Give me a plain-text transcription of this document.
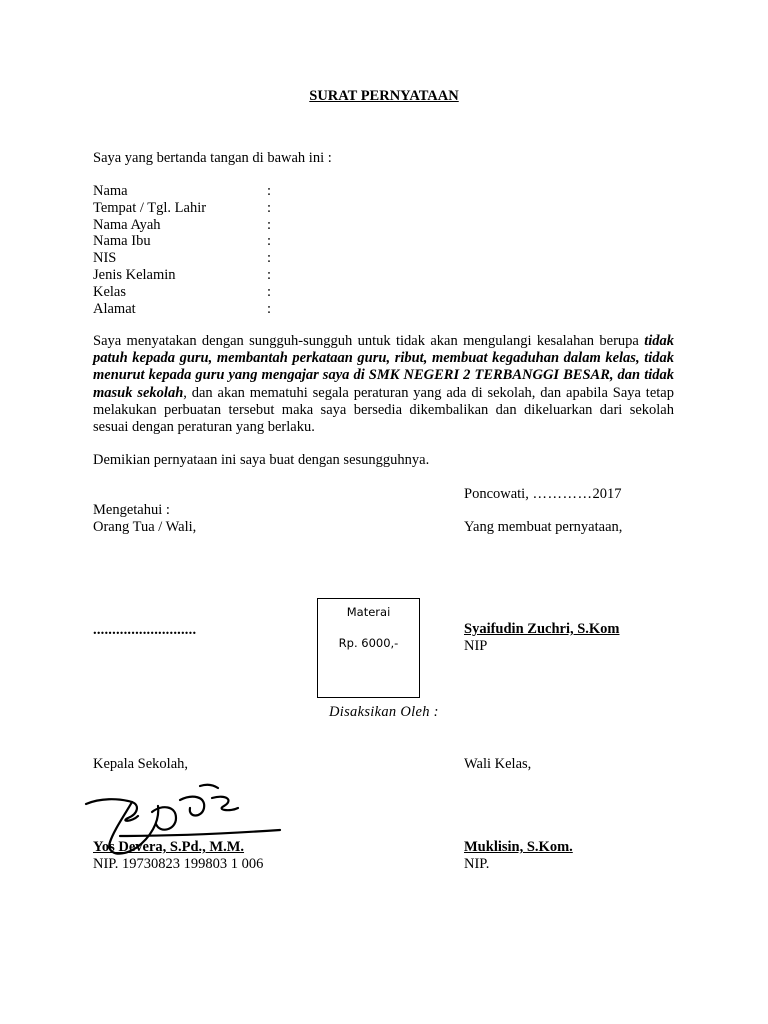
SURAT PERNYATAAN
Saya yang bertanda tangan di bawah ini :
Nama	:
Tempat / Tgl. Lahir	:
Nama Ayah	:
Nama Ibu	:
NIS	:
Jenis Kelamin	:
Kelas	:
Alamat	:
Saya menyatakan dengan sungguh-sungguh untuk tidak akan mengulangi kesalahan berupa tidak patuh kepada guru, membantah perkataan guru, ribut, membuat kegaduhan dalam kelas, tidak menurut kepada guru yang mengajar saya di SMK NEGERI 2 TERBANGGI BESAR, dan tidak masuk sekolah, dan akan mematuhi segala peraturan yang ada di sekolah, dan apabila Saya tetap melakukan perbuatan tersebut maka saya bersedia dikembalikan dan dikeluarkan dari sekolah sesuai dengan peraturan yang berlaku.
Demikian pernyataan ini saya buat dengan sesungguhnya.
Poncowati, …………2017
Mengetahui :
Orang Tua / Wali,	Yang membuat pernyataan,
...........................
Materai
Rp. 6000,-
Syaifudin Zuchri, S.Kom
NIP
Disaksikan Oleh :
Kepala Sekolah,	Wali Kelas,
Yos Devera, S.Pd., M.M.
NIP. 19730823 199803 1 006
Muklisin, S.Kom.
NIP.
